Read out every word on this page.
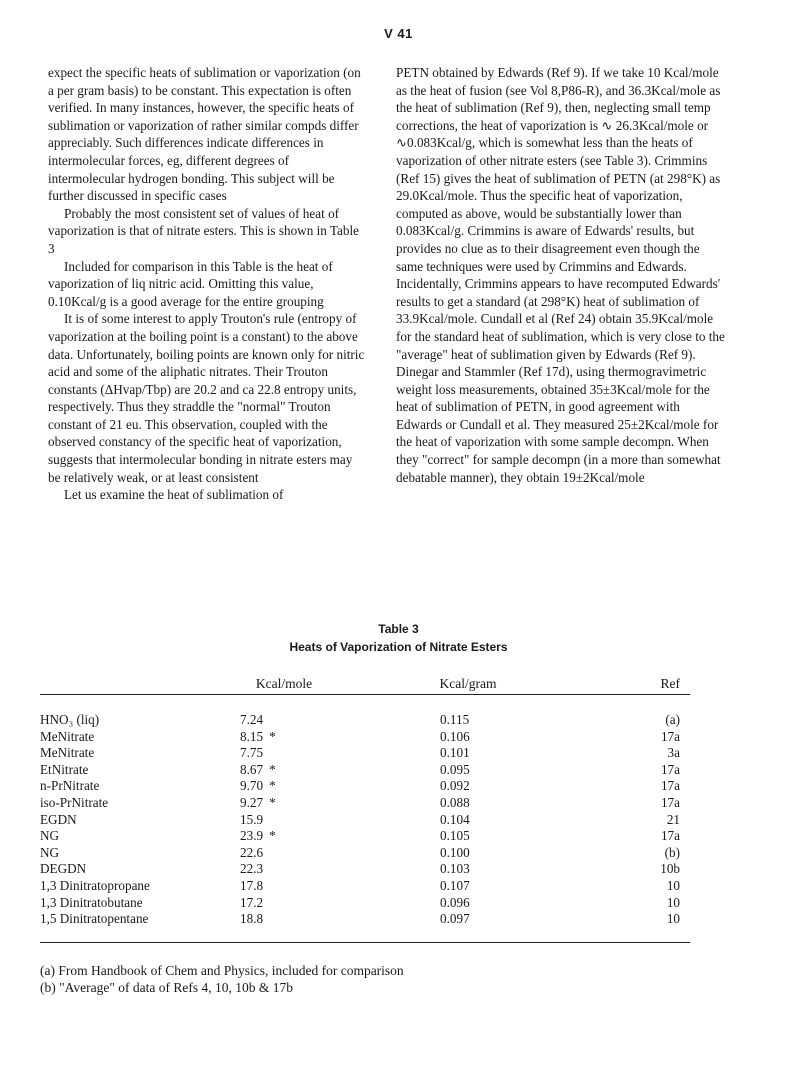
V 41

expect the specific heats of sublimation or vaporization (on a per gram basis) to be constant. This expectation is often verified. In many instances, however, the specific heats of sublimation or vaporization of rather similar compds differ appreciably. Such differences indicate differences in intermolecular forces, eg, different degrees of intermolecular hydrogen bonding. This subject will be further discussed in specific cases

Probably the most consistent set of values of heat of vaporization is that of nitrate esters. This is shown in Table 3

Included for comparison in this Table is the heat of vaporization of liq nitric acid. Omitting this value, 0.10Kcal/g is a good average for the entire grouping

It is of some interest to apply Trouton's rule (entropy of vaporization at the boiling point is a constant) to the above data. Unfortunately, boiling points are known only for nitric acid and some of the aliphatic nitrates. Their Trouton constants (ΔHvap/Tbp) are 20.2 and ca 22.8 entropy units, respectively. Thus they straddle the "normal" Trouton constant of 21 eu. This observation, coupled with the observed constancy of the specific heat of vaporization, suggests that intermolecular bonding in nitrate esters may be relatively weak, or at least consistent

Let us examine the heat of sublimation of

PETN obtained by Edwards (Ref 9). If we take 10 Kcal/mole as the heat of fusion (see Vol 8,P86-R), and 36.3Kcal/mole as the heat of sublimation (Ref 9), then, neglecting small temp corrections, the heat of vaporization is ∿ 26.3Kcal/mole or ∿0.083Kcal/g, which is somewhat less than the heats of vaporization of other nitrate esters (see Table 3). Crimmins (Ref 15) gives the heat of sublimation of PETN (at 298°K) as 29.0Kcal/mole. Thus the specific heat of vaporization, computed as above, would be substantially lower than 0.083Kcal/g. Crimmins is aware of Edwards' results, but provides no clue as to their disagreement even though the same techniques were used by Crimmins and Edwards. Incidentally, Crimmins appears to have recomputed Edwards' results to get a standard (at 298°K) heat of sublimation of 33.9Kcal/mole. Cundall et al (Ref 24) obtain 35.9Kcal/mole for the standard heat of sublimation, which is very close to the "average" heat of sublimation given by Edwards (Ref 9). Dinegar and Stammler (Ref 17d), using thermogravimetric weight loss measurements, obtained 35±3Kcal/mole for the heat of sublimation of PETN, in good agreement with Edwards or Cundall et al. They measured 25±2Kcal/mole for the heat of vaporization with some sample decompn. When they "correct" for sample decompn (in a more than somewhat debatable manner), they obtain 19±2Kcal/mole

Table 3
Heats of Vaporization of Nitrate Esters
Kcal/mole	Kcal/gram	Ref
HNO₃ (liq)	7.24	0.115	(a)
MeNitrate	8.15 *	0.106	17a
MeNitrate	7.75	0.101	3a
EtNitrate	8.67 *	0.095	17a
n-PrNitrate	9.70 *	0.092	17a
iso-PrNitrate	9.27 *	0.088	17a
EGDN	15.9	0.104	21
NG	23.9 *	0.105	17a
NG	22.6	0.100	(b)
DEGDN	22.3	0.103	10b
1,3 Dinitratopropane	17.8	0.107	10
1,3 Dinitratobutane	17.2	0.096	10
1,5 Dinitratopentane	18.8	0.097	10

(a) From Handbook of Chem and Physics, included for comparison

(b) "Average" of data of Refs 4, 10, 10b & 17b
